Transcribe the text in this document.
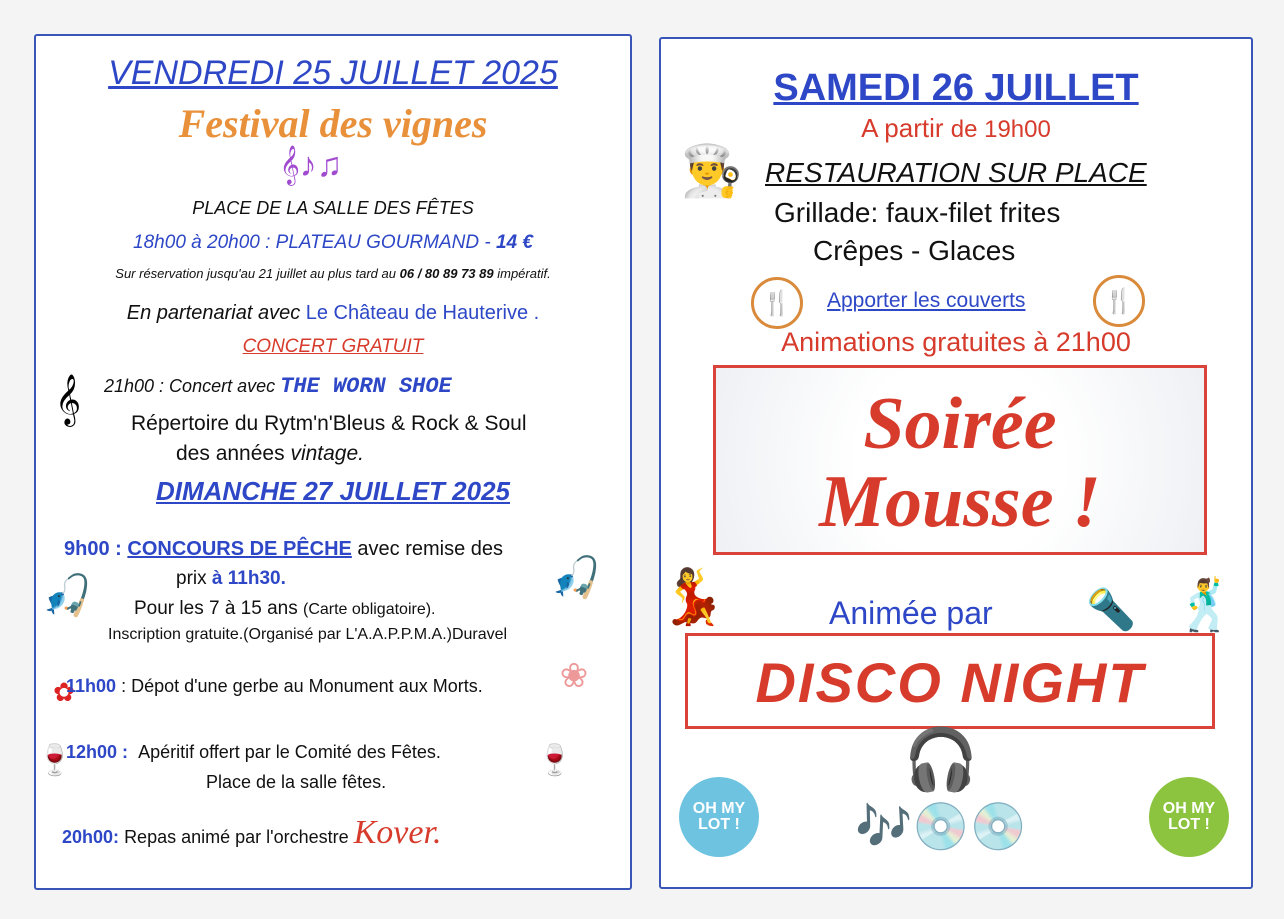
VENDREDI 25 JUILLET 2025
Festival des vignes
𝄞♪♫
PLACE DE LA SALLE DES FÊTES
18h00 à 20h00 : PLATEAU GOURMAND - 14 €
Sur réservation jusqu'au 21 juillet au plus tard au 06 / 80 89 73 89 impératif.
En partenariat avec Le Château de Hauterive .
CONCERT GRATUIT
𝄞 21h00 : Concert avec THE WORN SHOE
Répertoire du Rytm'n'Bleus & Rock & Soul
des années vintage.
DIMANCHE 27 JUILLET 2025
🎣	🎣
9h00 : CONCOURS DE PÊCHE avec remise des
prix à 11h30.
Pour les 7 à 15 ans (Carte obligatoire).
Inscription gratuite.(Organisé par L'A.A.P.P.M.A.)Duravel
✿	❀
11h00 : Dépot d'une gerbe au Monument aux Morts.
🍷	🍷
12h00 : Apéritif offert par le Comité des Fêtes.
Place de la salle fêtes.
20h00: Repas animé par l'orchestre Kover.
SAMEDI 26 JUILLET
A partir de 19h00
👨‍🍳 RESTAURATION SUR PLACE
Grillade: faux-filet frites
Crêpes - Glaces
🍴	🍴
Apporter les couverts
Animations gratuites à 21h00
Soirée
Mousse !
💃	🕺
🔦
Animée par
DISCO NIGHT
🎧
🎶💿💿
OH MY LOT !
OH MY LOT !
